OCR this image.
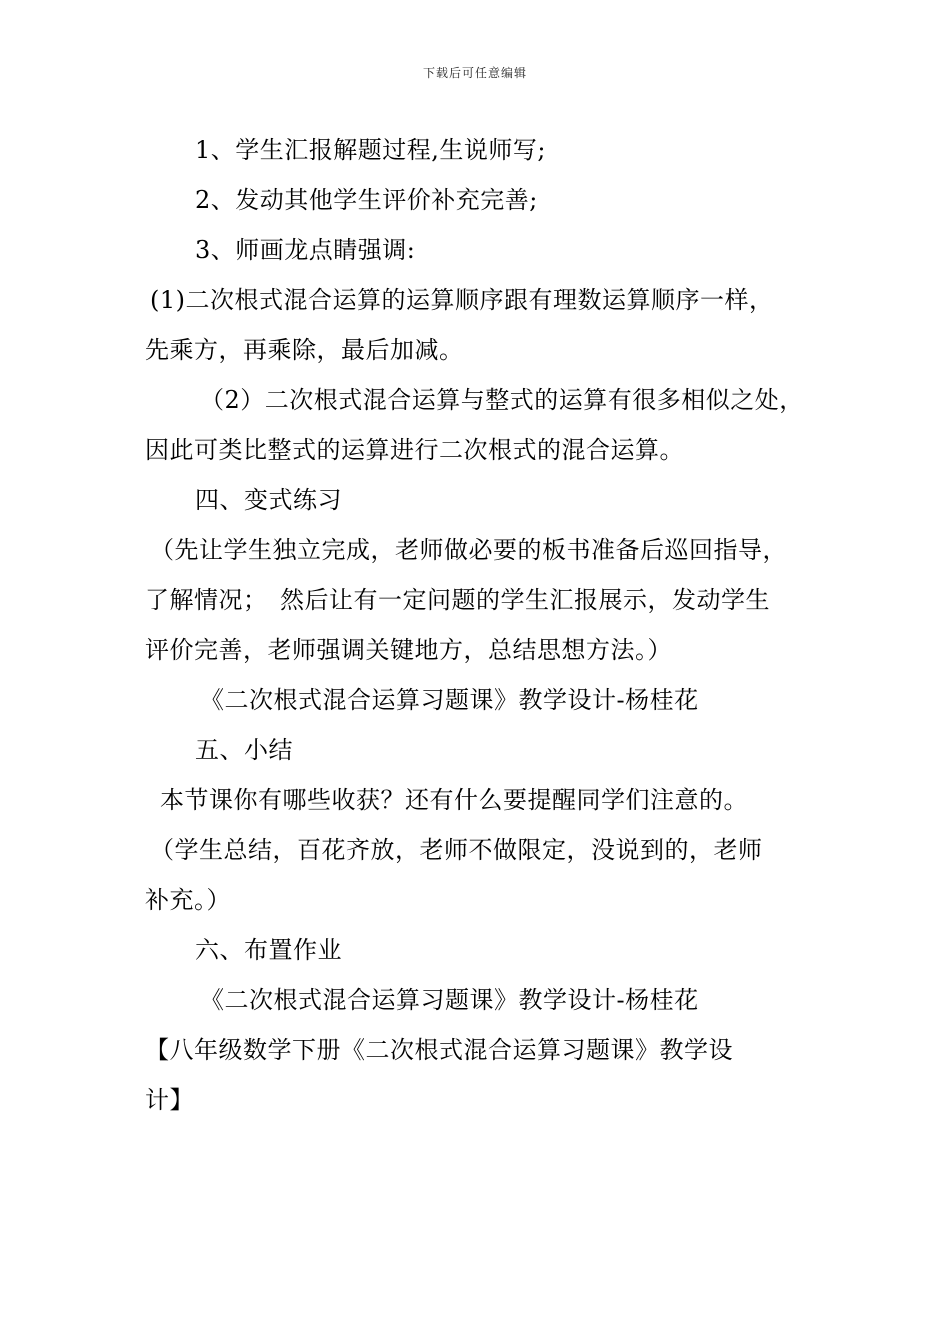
下载后可任意编辑
1、学生汇报解题过程,生说师写;
2、发动其他学生评价补充完善;
3、师画龙点睛强调:
(1)二次根式混合运算的运算顺序跟有理数运算顺序一样，
先乘方，再乘除，最后加减。
（2）二次根式混合运算与整式的运算有很多相似之处，
因此可类比整式的运算进行二次根式的混合运算。
四、变式练习
（先让学生独立完成，老师做必要的板书准备后巡回指导，
了解情况；　然后让有一定问题的学生汇报展示，发动学生
评价完善，老师强调关键地方，总结思想方法。）
《二次根式混合运算习题课》教学设计-杨桂花
五、小结
本节课你有哪些收获？还有什么要提醒同学们注意的。
（学生总结，百花齐放，老师不做限定，没说到的，老师
补充。）
六、布置作业
《二次根式混合运算习题课》教学设计-杨桂花
【八年级数学下册《二次根式混合运算习题课》教学设
计】
